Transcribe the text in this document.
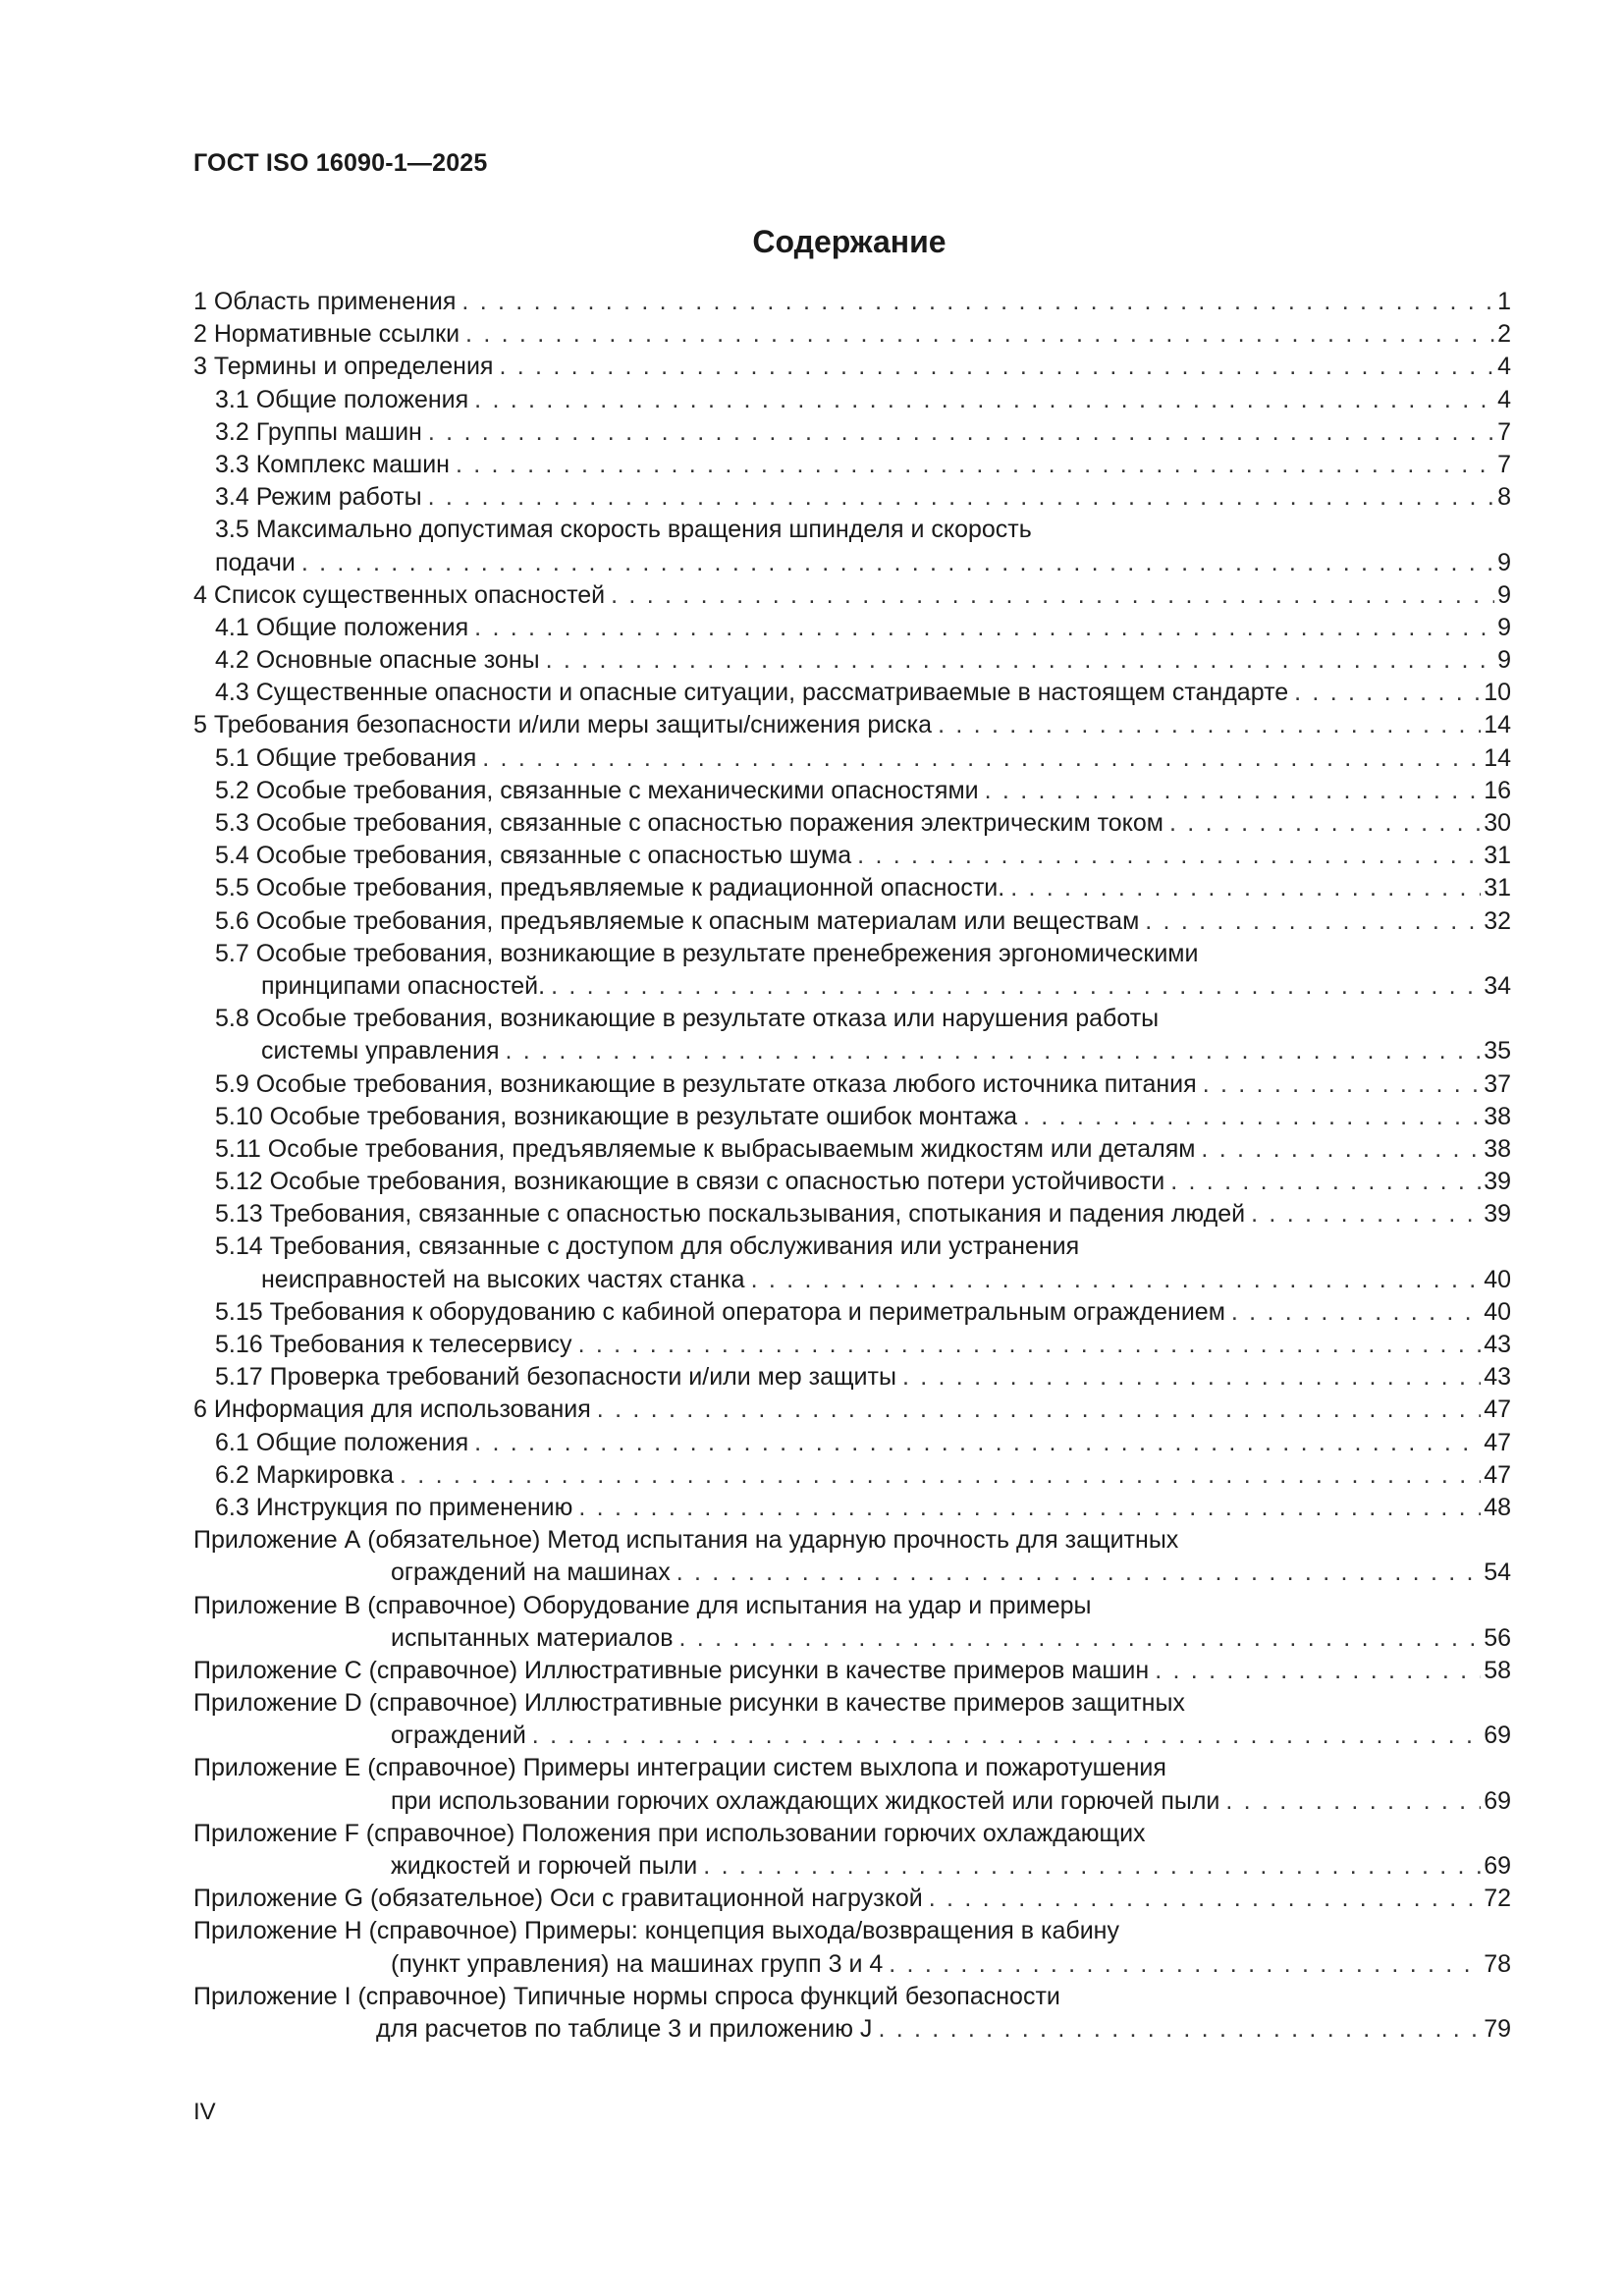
ГОСТ ISO 16090-1—2025
Содержание
1 Область применения . . .	1
2 Нормативные ссылки . . .	2
3 Термины и определения . . .	4
3.1 Общие положения . . .	4
3.2 Группы машин . . .	7
3.3 Комплекс машин . . .	7
3.4 Режим работы . . .	8
3.5 Максимально допустимая скорость вращения шпинделя и скорость
подачи . . .	9
4 Список существенных опасностей . . .	9
4.1 Общие положения . . .	9
4.2 Основные опасные зоны . . .	9
4.3 Существенные опасности и опасные ситуации, рассматриваемые в настоящем стандарте . . .	10
5 Требования безопасности и/или меры защиты/снижения риска . . .	14
5.1 Общие требования . . .	14
5.2 Особые требования, связанные с механическими опасностями . . .	16
5.3 Особые требования, связанные с опасностью поражения электрическим током . . .	30
5.4 Особые требования, связанные с опасностью шума . . .	31
5.5 Особые требования, предъявляемые к радиационной опасности. . . .	31
5.6 Особые требования, предъявляемые к опасным материалам или веществам . . .	32
5.7 Особые требования, возникающие в результате пренебрежения эргономическими
принципами опасностей. . . .	34
5.8 Особые требования, возникающие в результате отказа или нарушения работы
системы управления . . .	35
5.9 Особые требования, возникающие в результате отказа любого источника питания . . .	37
5.10 Особые требования, возникающие в результате ошибок монтажа . . .	38
5.11 Особые требования, предъявляемые к выбрасываемым жидкостям или деталям . . .	38
5.12 Особые требования, возникающие в связи с опасностью потери устойчивости . . .	39
5.13 Требования, связанные с опасностью поскальзывания, спотыкания и падения людей . . .	39
5.14 Требования, связанные с доступом для обслуживания или устранения
неисправностей на высоких частях станка . . .	40
5.15 Требования к оборудованию с кабиной оператора и периметральным ограждением . . .	40
5.16 Требования к телесервису . . .	43
5.17 Проверка требований безопасности и/или мер защиты . . .	43
6 Информация для использования . . .	47
6.1 Общие положения . . .	47
6.2 Маркировка . . .	47
6.3 Инструкция по применению . . .	48
Приложение А (обязательное) Метод испытания на ударную прочность для защитных
ограждений на машинах . . .	54
Приложение В (справочное) Оборудование для испытания на удар и примеры
испытанных материалов . . .	56
Приложение С (справочное) Иллюстративные рисунки в качестве примеров машин . . .	58
Приложение D (справочное) Иллюстративные рисунки в качестве примеров защитных
ограждений . . .	69
Приложение Е (справочное) Примеры интеграции систем выхлопа и пожаротушения
при использовании горючих охлаждающих жидкостей или горючей пыли . . .	69
Приложение F (справочное) Положения при использовании горючих охлаждающих
жидкостей и горючей пыли . . .	69
Приложение G (обязательное) Оси с гравитационной нагрузкой . . .	72
Приложение H (справочное) Примеры: концепция выхода/возвращения в кабину
(пункт управления) на машинах групп 3 и 4 . . .	78
Приложение I (справочное) Типичные нормы спроса функций безопасности
для расчетов по таблице 3 и приложению J . . .	79
IV
